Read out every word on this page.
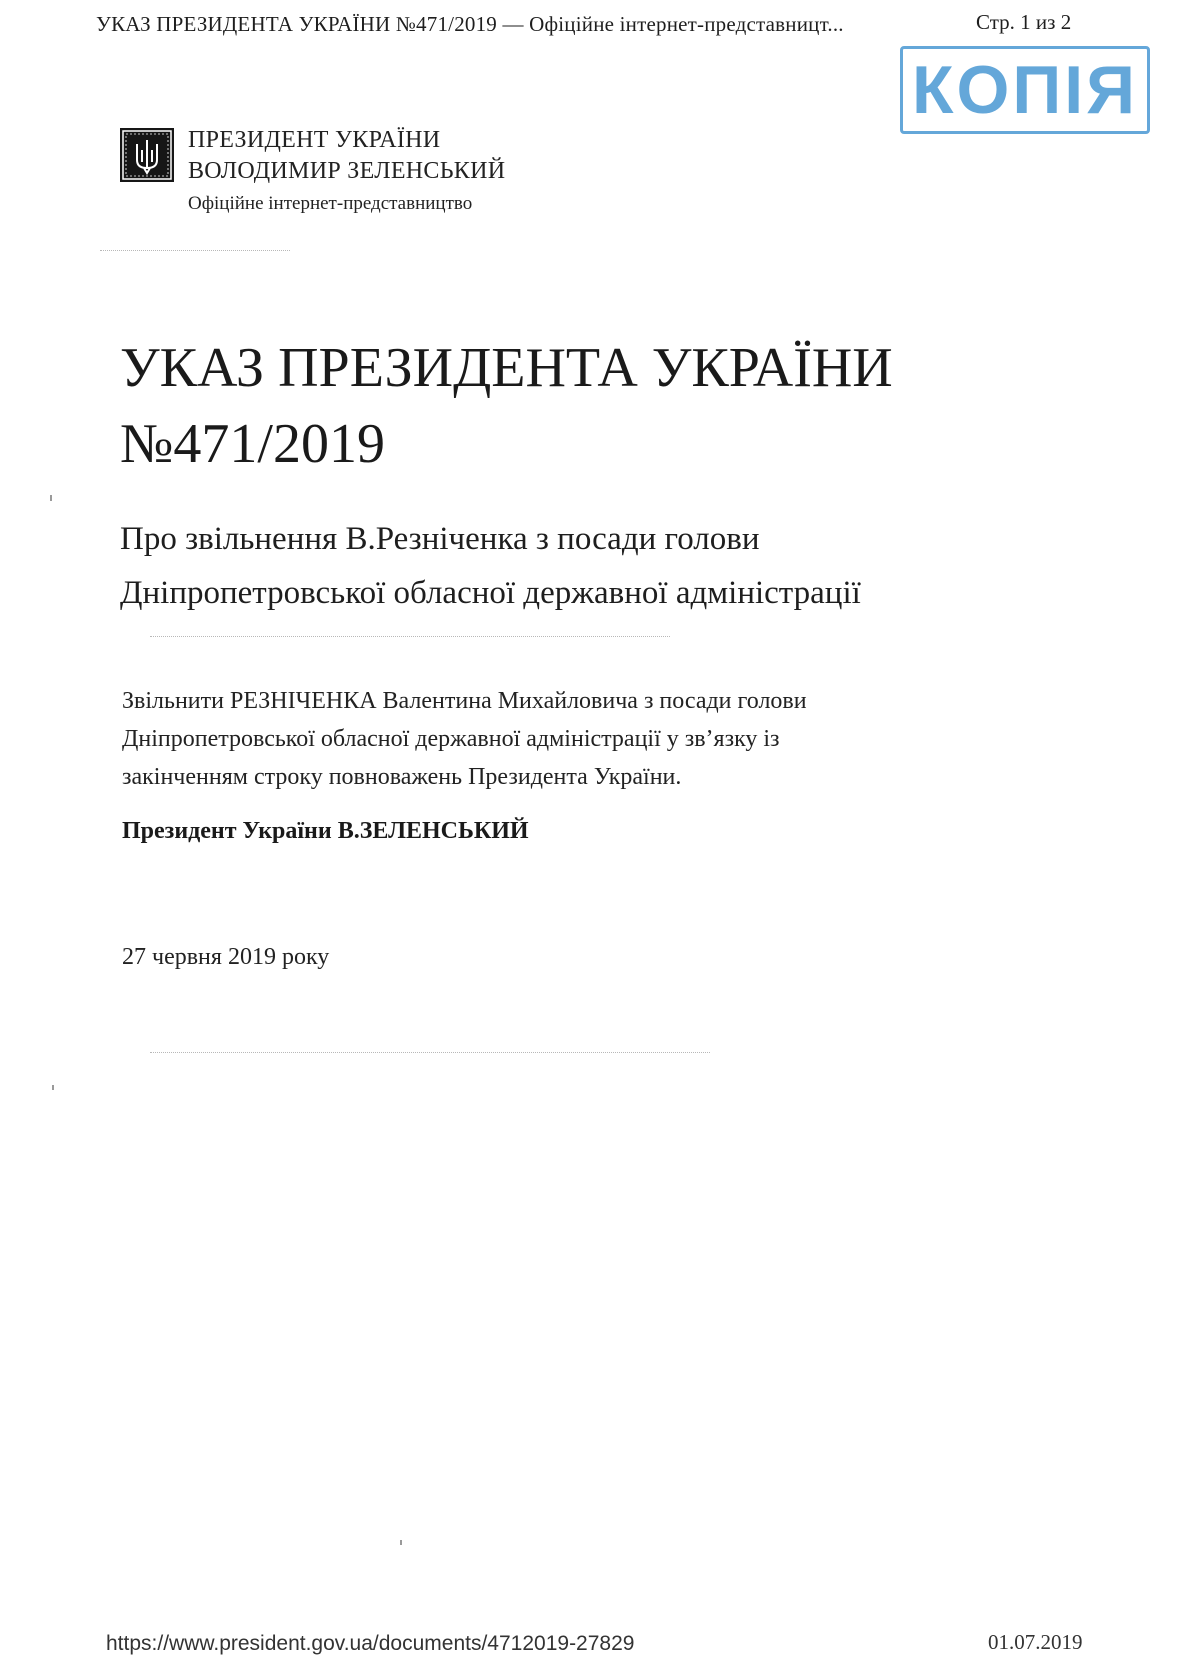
УКАЗ ПРЕЗИДЕНТА УКРАЇНИ №471/2019 — Офіційне інтернет-представницт...	Стр. 1 из 2
КОПІЯ
ПРЕЗИДЕНТ УКРАЇНИ
ВОЛОДИМИР ЗЕЛЕНСЬКИЙ
Офіційне інтернет-представництво
УКАЗ ПРЕЗИДЕНТА УКРАЇНИ
№471/2019
Про звільнення В.Резніченка з посади голови
Дніпропетровської обласної державної адміністрації
Звільнити РЕЗНІЧЕНКА Валентина Михайловича з посади голови
Дніпропетровської обласної державної адміністрації у зв’язку із
закінченням строку повноважень Президента України.
Президент України В.ЗЕЛЕНСЬКИЙ
27 червня 2019 року
https://www.president.gov.ua/documents/4712019-27829	01.07.2019
